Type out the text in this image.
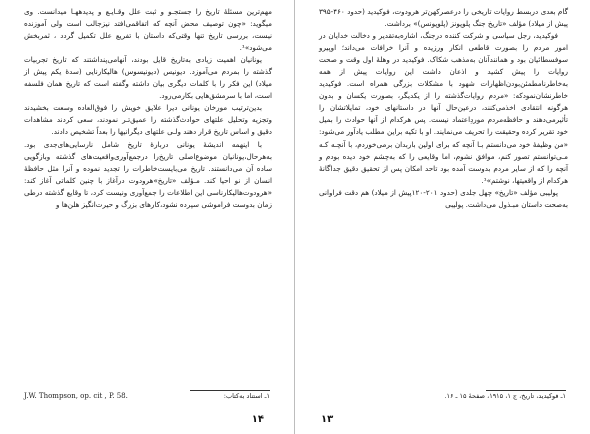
مهم‌ترین مسئلهٔ تاریخ را جستجـو و ثبت علل وقـایـع و پدیدههـا میدانست. وی میگوید: «چون توصیف محض آنچه که اتفاقمی‌افتد نیزجالب است ولی آموزنده نیست، بررسی تاریخ تنها وقتی‌که داستان با تفریع علل تکمیل گردد ، ثمربخش می‌شود»¹.

یونانیان اهمیت زیادی به‌تاریخ قایل بودند، آنهامی‌پنداشتند که تاریخ تجربیات گذشته را بمردم می‌آموزد. دیونیس (دیونیسوس) هالیکارنایی (سدهٔ یکم پیش از میلاد) این فکر را با کلمات دیگری بیان داشته وگفته است که تاریخ همان فلسفه است، اما با سرمشق‌هایی بکارمی‌رود.

بدین‌ترتیب مورخان یونانی دیرا علایق خویش را فوق‌العاده وسعت بخشیدند وتجزیه وتحلیل علتهای حوادث‌گذشته را عمیق‌تـر نمودند، سعی کردند مشاهدات دقیق و اساس تاریخ قرار دهند ولـی علتهای دیگرانیها را بعداً تشخیص دادند.

با اینهمه اندیشهٔ یونانی دربارهٔ تاریخ شامل نارسایی‌های‌جدی بود. به‌هرحال،یونانیان موضوع‌اصلی تاریخ‌را درجمع‌آوری‌واقعیت‌ها‌ی گذشته وبازگویی ساده آن می‌دانستند. تاریخ‌ می‌بایست‌خاطرات را تجدید نموده و آنرا مثل حافظهٔ انسان از نو احیا کند. مـؤلف «تاریخ»هرودوت درآغاز با چنین کلماتی آغاز کند: «هرودوت‌هالیکارناسی این اطلاعات را جمع‌آوری ونیست کرد، تا وقایع گذشته درطی زمان بدوست فراموشی سپرده نشود،کارهای بزرگ و حیرت‌انگیز هلن‌ها و

۱ـ استناد به‌کتاب:
J.W. Thompson, op. cit , P. 58.
۱۴

گام بعدی دربسط روایات تاریخی را درعصرکهن‌تر هرودوت، فوکیدید (حدود ۴۶۰-۳۹۵ پیش از میلاد) مؤلف «تاریخ جنگ پلوپونز (پلوپونس)» برداشت.

فوکیدید، رجل سیاسی و شرکت کننده درجنگ، اشاره‌به‌تقدیر و دخالت خدایان در امور مردم را بصورت قاطعی انکار ورزیده و آنرا خرافات می‌داند؛ اوپیرو سوفسطائیان بود و همانندآنان به‌مذهب شکاک. فوکیدید در وهلهٔ اول وقت و صحت روایات را پیش کشید و اذعان داشت این روایات پیش از همه به‌خاطرنامطمئن‌بودن‌اظهارات شهود با مشکلات بزرگی همراه است. فوکیدید خاطرنشان‌نمودکه: «مردم روایات‌گذشته را از یکدیگر، بصورت یکسان و بدون هرگونه انتقادی اخذمی‌کنند، درعین‌حال آنها در داستانهای خود، تمایلاتشان را تأثیرمی‌دهند و حافظه‌مردم موردِاعتماد نیست. پس هرکدام از آنها حوادث را بمیل خود تقریر کرده وحقیقت را تحریف می‌نمایند. او با تکیه براین مطلب یادآور می‌شود: «من وظیفهٔ خود می‌دانستم بـا آنچه که برای اولین باربدان برمی‌خوردم، با آنچـه کـه مـی‌توانستم تصور کنم، موافق نشوم، اما وقایعی را که به‌چشم خود دیده بودم و آنچه را که از سایر مردم بدوست آمده بود تاحد امکان پس از تحقیق دقیق جداگانهٔ هرکدام از واقعیتها، نوشتم»¹.

پولیبی مؤلف «تاریخ» چهل جلدی (حدود ۲۰۱-۱۲۰پیش از میلاد) هم دقت فراوانی به‌صحت داستان مبـذول می‌داشت. پولیبی

۱ـ فوکیدید، تاریخ، ج ۱، ۱۹۱۵، صفحهٔ ۱۵ ـ ۱۶.
۱۳
